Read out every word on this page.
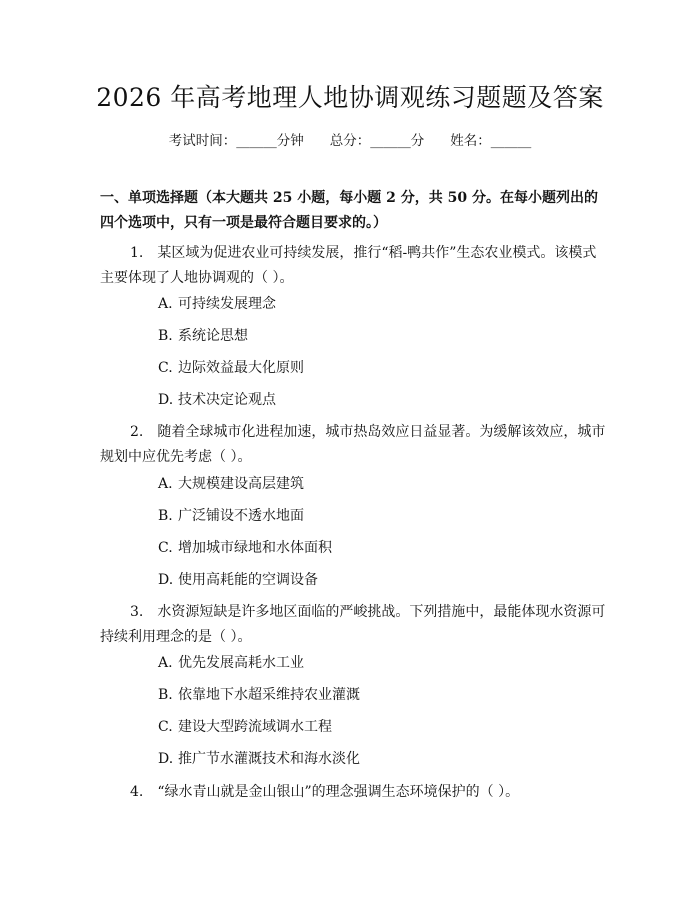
2026 年高考地理人地协调观练习题题及答案
考试时间：______分钟 总分：______分 姓名：______
一、单项选择题（本大题共 25 小题，每小题 2 分，共 50 分。在每小题列出的四个选项中，只有一项是最符合题目要求的。）
1.　某区域为促进农业可持续发展，推行“稻-鸭共作”生态农业模式。该模式主要体现了人地协调观的（ ）。
A. 可持续发展理念
B. 系统论思想
C. 边际效益最大化原则
D. 技术决定论观点
2.　随着全球城市化进程加速，城市热岛效应日益显著。为缓解该效应，城市规划中应优先考虑（ ）。
A. 大规模建设高层建筑
B. 广泛铺设不透水地面
C. 增加城市绿地和水体面积
D. 使用高耗能的空调设备
3.　水资源短缺是许多地区面临的严峻挑战。下列措施中，最能体现水资源可持续利用理念的是（ ）。
A. 优先发展高耗水工业
B. 依靠地下水超采维持农业灌溉
C. 建设大型跨流域调水工程
D. 推广节水灌溉技术和海水淡化
4.　“绿水青山就是金山银山”的理念强调生态环境保护的（ ）。
